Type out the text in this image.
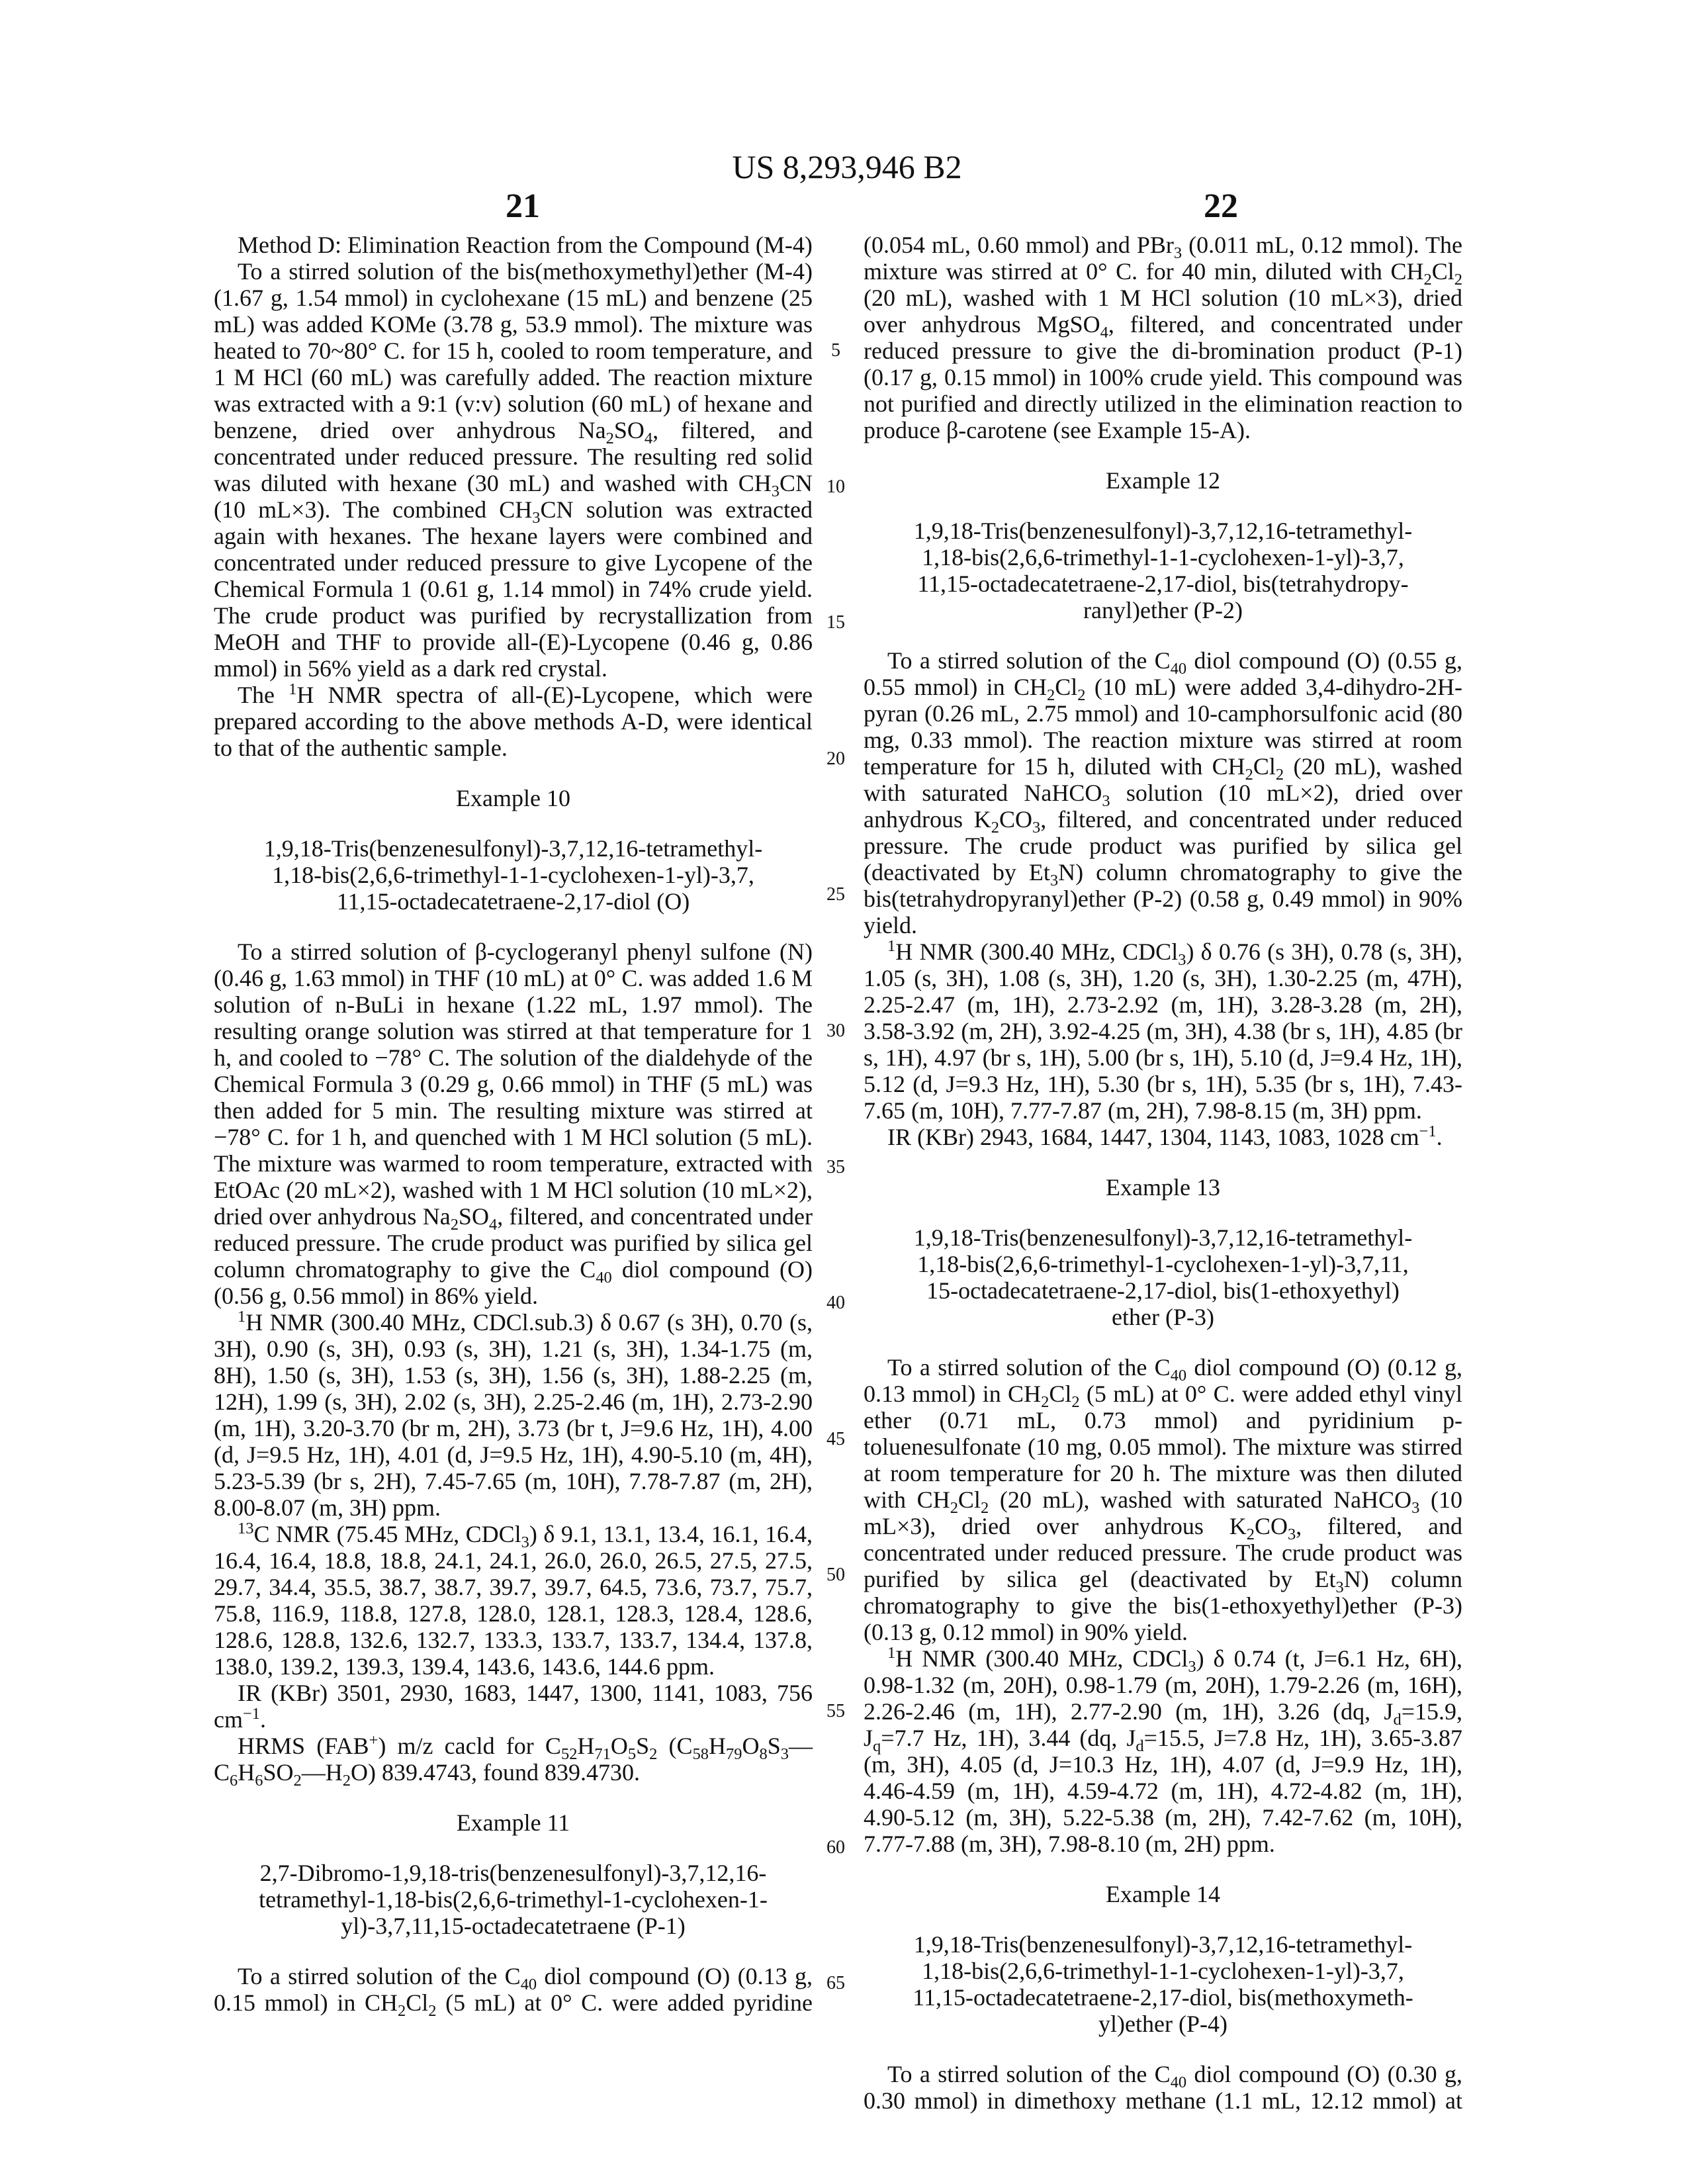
US 8,293,946 B2
21	22
5
10
15
20
25
30
35
40
45
50
55
60
65

Method D: Elimination Reaction from the Compound (M-4)

To a stirred solution of the bis(methoxymethyl)ether (M-4) (1.67 g, 1.54 mmol) in cyclohexane (15 mL) and benzene (25 mL) was added KOMe (3.78 g, 53.9 mmol). The mixture was heated to 70~80° C. for 15 h, cooled to room temperature, and 1 M HCl (60 mL) was carefully added. The reaction mixture was extracted with a 9:1 (v:v) solution (60 mL) of hexane and benzene, dried over anhydrous Na2SO4, filtered, and concentrated under reduced pressure. The resulting red solid was diluted with hexane (30 mL) and washed with CH3CN (10 mL×3). The combined CH3CN solution was extracted again with hexanes. The hexane layers were combined and concentrated under reduced pressure to give Lycopene of the Chemical Formula 1 (0.61 g, 1.14 mmol) in 74% crude yield. The crude product was purified by recrystallization from MeOH and THF to provide all-(E)-Lycopene (0.46 g, 0.86 mmol) in 56% yield as a dark red crystal.

The 1H NMR spectra of all-(E)-Lycopene, which were prepared according to the above methods A-D, were identical to that of the authentic sample.

Example 10
1,9,18-Tris(benzenesulfonyl)-3,7,12,16-tetramethyl-
1,18-bis(2,6,6-trimethyl-1-1-cyclohexen-1-yl)-3,7,
11,15-octadecatetraene-2,17-diol (O)

To a stirred solution of β-cyclogeranyl phenyl sulfone (N) (0.46 g, 1.63 mmol) in THF (10 mL) at 0° C. was added 1.6 M solution of n-BuLi in hexane (1.22 mL, 1.97 mmol). The resulting orange solution was stirred at that temperature for 1 h, and cooled to −78° C. The solution of the dialdehyde of the Chemical Formula 3 (0.29 g, 0.66 mmol) in THF (5 mL) was then added for 5 min. The resulting mixture was stirred at −78° C. for 1 h, and quenched with 1 M HCl solution (5 mL). The mixture was warmed to room temperature, extracted with EtOAc (20 mL×2), washed with 1 M HCl solution (10 mL×2), dried over anhydrous Na2SO4, filtered, and concentrated under reduced pressure. The crude product was purified by silica gel column chromatography to give the C40 diol compound (O) (0.56 g, 0.56 mmol) in 86% yield.

1H NMR (300.40 MHz, CDCl.sub.3) δ 0.67 (s 3H), 0.70 (s, 3H), 0.90 (s, 3H), 0.93 (s, 3H), 1.21 (s, 3H), 1.34-1.75 (m, 8H), 1.50 (s, 3H), 1.53 (s, 3H), 1.56 (s, 3H), 1.88-2.25 (m, 12H), 1.99 (s, 3H), 2.02 (s, 3H), 2.25-2.46 (m, 1H), 2.73-2.90 (m, 1H), 3.20-3.70 (br m, 2H), 3.73 (br t, J=9.6 Hz, 1H), 4.00 (d, J=9.5 Hz, 1H), 4.01 (d, J=9.5 Hz, 1H), 4.90-5.10 (m, 4H), 5.23-5.39 (br s, 2H), 7.45-7.65 (m, 10H), 7.78-7.87 (m, 2H), 8.00-8.07 (m, 3H) ppm.

13C NMR (75.45 MHz, CDCl3) δ 9.1, 13.1, 13.4, 16.1, 16.4, 16.4, 16.4, 18.8, 18.8, 24.1, 24.1, 26.0, 26.0, 26.5, 27.5, 27.5, 29.7, 34.4, 35.5, 38.7, 38.7, 39.7, 39.7, 64.5, 73.6, 73.7, 75.7, 75.8, 116.9, 118.8, 127.8, 128.0, 128.1, 128.3, 128.4, 128.6, 128.6, 128.8, 132.6, 132.7, 133.3, 133.7, 133.7, 134.4, 137.8, 138.0, 139.2, 139.3, 139.4, 143.6, 143.6, 144.6 ppm.

IR (KBr) 3501, 2930, 1683, 1447, 1300, 1141, 1083, 756 cm−1.

HRMS (FAB+) m/z cacld for C52H71O5S2 (C58H79O8S3—C6H6SO2—H2O) 839.4743, found 839.4730.

Example 11
2,7-Dibromo-1,9,18-tris(benzenesulfonyl)-3,7,12,16-
tetramethyl-1,18-bis(2,6,6-trimethyl-1-cyclohexen-1-
yl)-3,7,11,15-octadecatetraene (P-1)

To a stirred solution of the C40 diol compound (O) (0.13 g, 0.15 mmol) in CH2Cl2 (5 mL) at 0° C. were added pyridine

(0.054 mL, 0.60 mmol) and PBr3 (0.011 mL, 0.12 mmol). The mixture was stirred at 0° C. for 40 min, diluted with CH2Cl2 (20 mL), washed with 1 M HCl solution (10 mL×3), dried over anhydrous MgSO4, filtered, and concentrated under reduced pressure to give the di-bromination product (P-1) (0.17 g, 0.15 mmol) in 100% crude yield. This compound was not purified and directly utilized in the elimination reaction to produce β-carotene (see Example 15-A).

Example 12
1,9,18-Tris(benzenesulfonyl)-3,7,12,16-tetramethyl-
1,18-bis(2,6,6-trimethyl-1-1-cyclohexen-1-yl)-3,7,
11,15-octadecatetraene-2,17-diol, bis(tetrahydropy-
ranyl)ether (P-2)

To a stirred solution of the C40 diol compound (O) (0.55 g, 0.55 mmol) in CH2Cl2 (10 mL) were added 3,4-dihydro-2H-pyran (0.26 mL, 2.75 mmol) and 10-camphorsulfonic acid (80 mg, 0.33 mmol). The reaction mixture was stirred at room temperature for 15 h, diluted with CH2Cl2 (20 mL), washed with saturated NaHCO3 solution (10 mL×2), dried over anhydrous K2CO3, filtered, and concentrated under reduced pressure. The crude product was purified by silica gel (deactivated by Et3N) column chromatography to give the bis(tetrahydropyranyl)ether (P-2) (0.58 g, 0.49 mmol) in 90% yield.

1H NMR (300.40 MHz, CDCl3) δ 0.76 (s 3H), 0.78 (s, 3H), 1.05 (s, 3H), 1.08 (s, 3H), 1.20 (s, 3H), 1.30-2.25 (m, 47H), 2.25-2.47 (m, 1H), 2.73-2.92 (m, 1H), 3.28-3.28 (m, 2H), 3.58-3.92 (m, 2H), 3.92-4.25 (m, 3H), 4.38 (br s, 1H), 4.85 (br s, 1H), 4.97 (br s, 1H), 5.00 (br s, 1H), 5.10 (d, J=9.4 Hz, 1H), 5.12 (d, J=9.3 Hz, 1H), 5.30 (br s, 1H), 5.35 (br s, 1H), 7.43-7.65 (m, 10H), 7.77-7.87 (m, 2H), 7.98-8.15 (m, 3H) ppm.

IR (KBr) 2943, 1684, 1447, 1304, 1143, 1083, 1028 cm−1.

Example 13
1,9,18-Tris(benzenesulfonyl)-3,7,12,16-tetramethyl-
1,18-bis(2,6,6-trimethyl-1-cyclohexen-1-yl)-3,7,11,
15-octadecatetraene-2,17-diol, bis(1-ethoxyethyl)
ether (P-3)

To a stirred solution of the C40 diol compound (O) (0.12 g, 0.13 mmol) in CH2Cl2 (5 mL) at 0° C. were added ethyl vinyl ether (0.71 mL, 0.73 mmol) and pyridinium p-toluenesulfonate (10 mg, 0.05 mmol). The mixture was stirred at room temperature for 20 h. The mixture was then diluted with CH2Cl2 (20 mL), washed with saturated NaHCO3 (10 mL×3), dried over anhydrous K2CO3, filtered, and concentrated under reduced pressure. The crude product was purified by silica gel (deactivated by Et3N) column chromatography to give the bis(1-ethoxyethyl)ether (P-3) (0.13 g, 0.12 mmol) in 90% yield.

1H NMR (300.40 MHz, CDCl3) δ 0.74 (t, J=6.1 Hz, 6H), 0.98-1.32 (m, 20H), 0.98-1.79 (m, 20H), 1.79-2.26 (m, 16H), 2.26-2.46 (m, 1H), 2.77-2.90 (m, 1H), 3.26 (dq, Jd=15.9, Jq=7.7 Hz, 1H), 3.44 (dq, Jd=15.5, J=7.8 Hz, 1H), 3.65-3.87 (m, 3H), 4.05 (d, J=10.3 Hz, 1H), 4.07 (d, J=9.9 Hz, 1H), 4.46-4.59 (m, 1H), 4.59-4.72 (m, 1H), 4.72-4.82 (m, 1H), 4.90-5.12 (m, 3H), 5.22-5.38 (m, 2H), 7.42-7.62 (m, 10H), 7.77-7.88 (m, 3H), 7.98-8.10 (m, 2H) ppm.

Example 14
1,9,18-Tris(benzenesulfonyl)-3,7,12,16-tetramethyl-
1,18-bis(2,6,6-trimethyl-1-1-cyclohexen-1-yl)-3,7,
11,15-octadecatetraene-2,17-diol, bis(methoxymeth-
yl)ether (P-4)

To a stirred solution of the C40 diol compound (O) (0.30 g, 0.30 mmol) in dimethoxy methane (1.1 mL, 12.12 mmol) at
